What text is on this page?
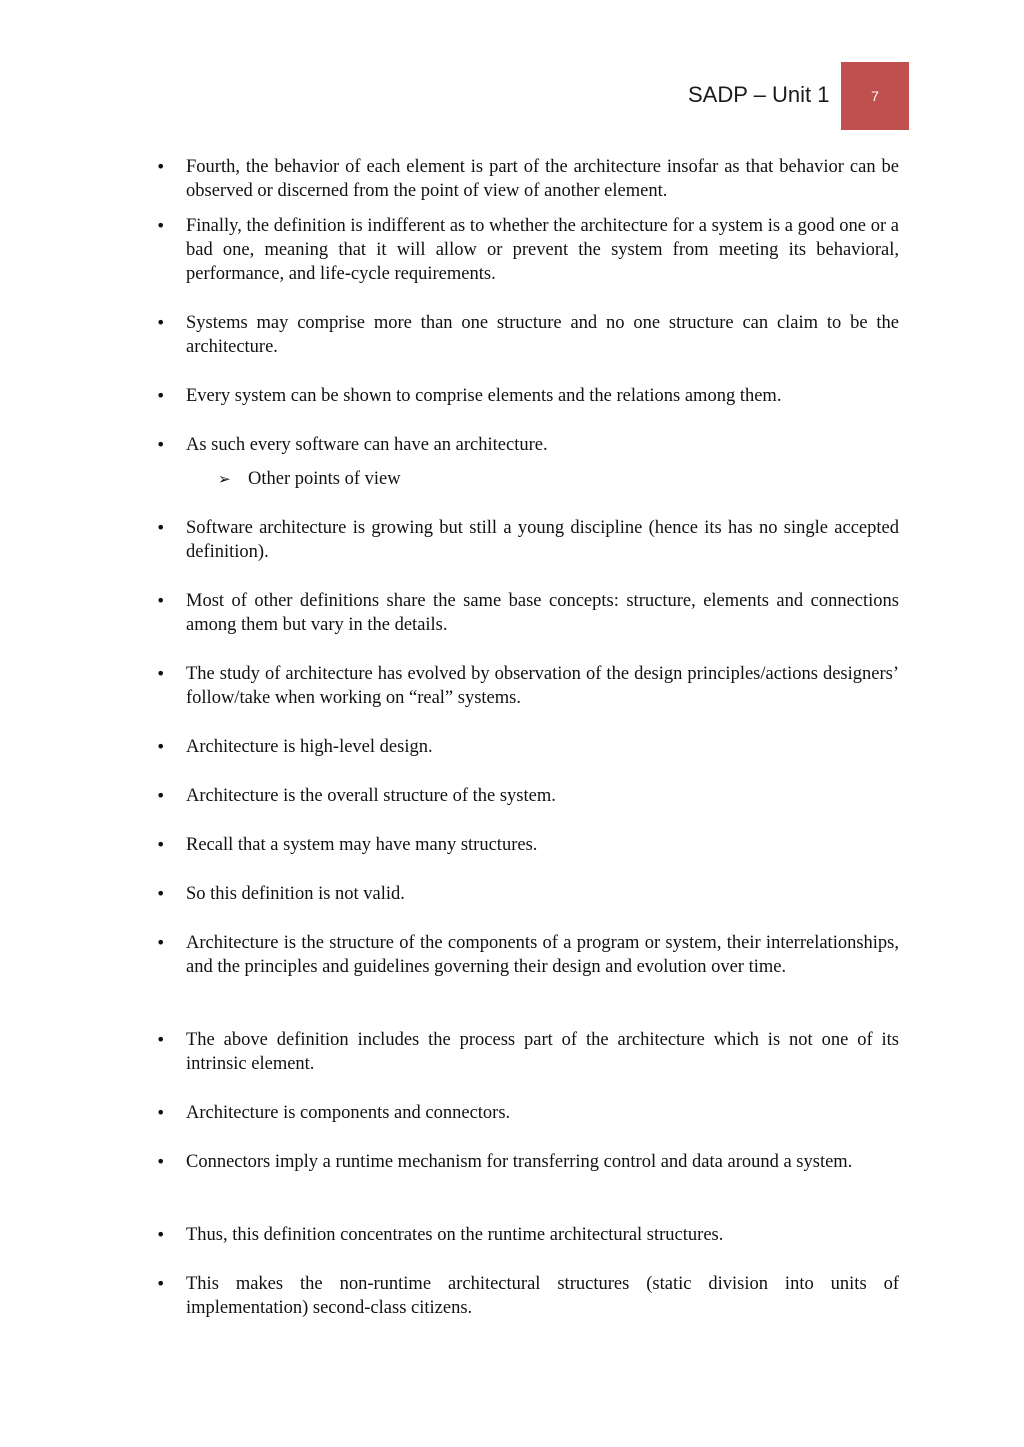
SADP – Unit 1	7

• Fourth, the behavior of each element is part of the architecture insofar as that behavior can be observed or discerned from the point of view of another element.

• Finally, the definition is indifferent as to whether the architecture for a system is a good one or a bad one, meaning that it will allow or prevent the system from meeting its behavioral, performance, and life-cycle requirements.

• Systems may comprise more than one structure and no one structure can claim to be the architecture.

• Every system can be shown to comprise elements and the relations among them.

• As such every software can have an architecture.

➢ Other points of view

• Software architecture is growing but still a young discipline (hence its has no single accepted definition).

• Most of other definitions share the same base concepts: structure, elements and connections among them but vary in the details.

• The study of architecture has evolved by observation of the design principles/actions designers’ follow/take when working on “real” systems.

• Architecture is high-level design.

• Architecture is the overall structure of the system.

• Recall that a system may have many structures.

• So this definition is not valid.

• Architecture is the structure of the components of a program or system, their interrelationships, and the principles and guidelines governing their design and evolution over time.

• The above definition includes the process part of the architecture which is not one of its intrinsic element.

• Architecture is components and connectors.

• Connectors imply a runtime mechanism for transferring control and data around a system.

• Thus, this definition concentrates on the runtime architectural structures.

• This makes the non-runtime architectural structures (static division into units of implementation) second-class citizens.
